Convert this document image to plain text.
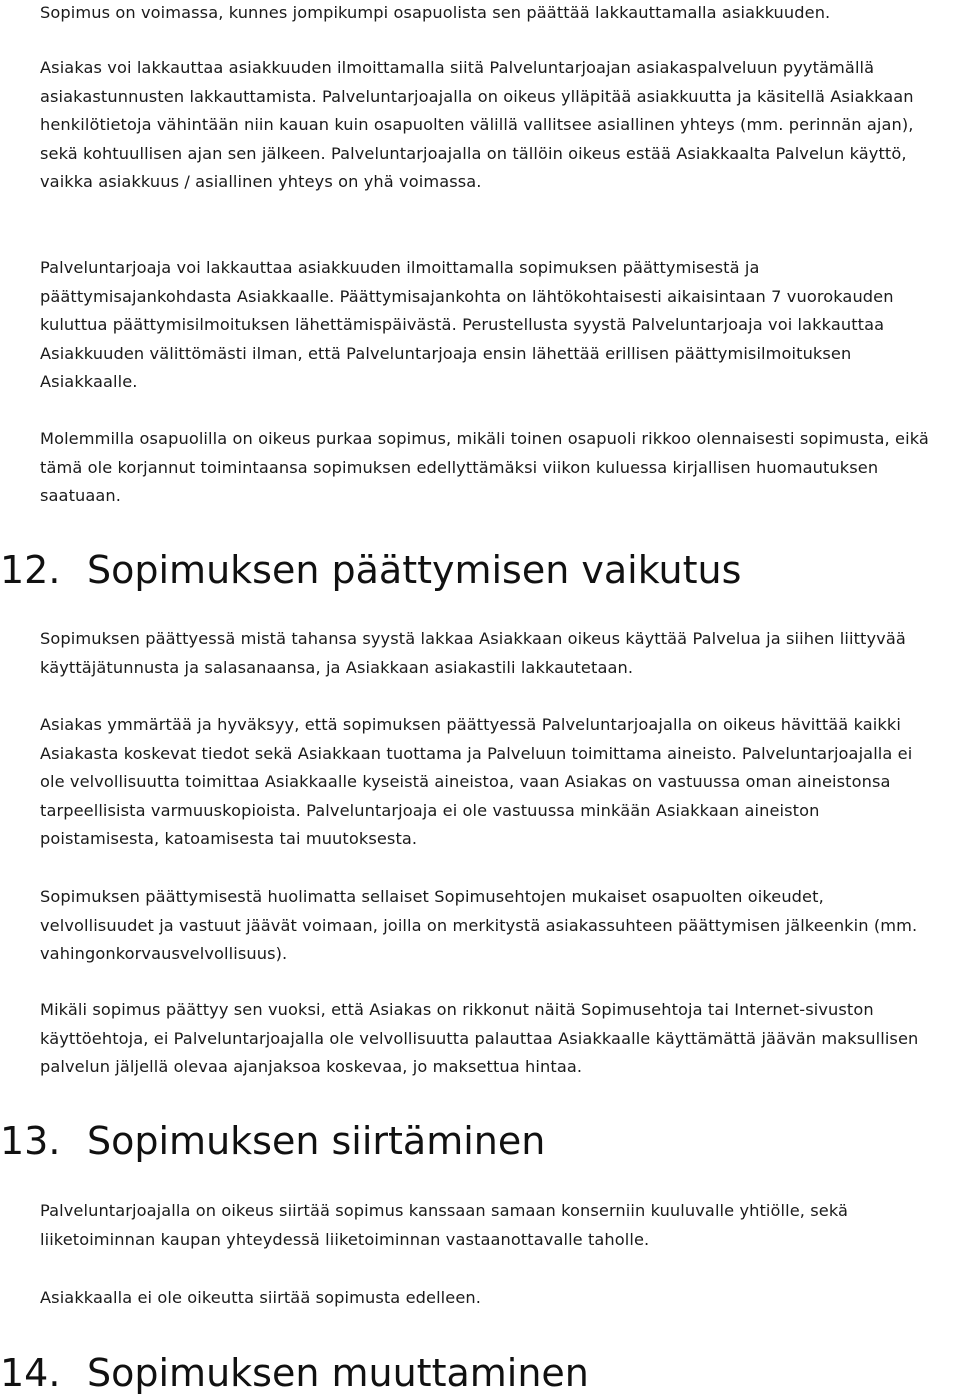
Sopimus on voimassa, kunnes jompikumpi osapuolista sen päättää lakkauttamalla asiakkuuden.

Asiakas voi lakkauttaa asiakkuuden ilmoittamalla siitä Palveluntarjoajan asiakaspalveluun pyytämällä asiakastunnusten lakkauttamista. Palveluntarjoajalla on oikeus ylläpitää asiakkuutta ja käsitellä Asiakkaan henkilötietoja vähintään niin kauan kuin osapuolten välillä vallitsee asiallinen yhteys (mm. perinnän ajan), sekä kohtuullisen ajan sen jälkeen. Palveluntarjoajalla on tällöin oikeus estää Asiakkaalta Palvelun käyttö, vaikka asiakkuus / asiallinen yhteys on yhä voimassa.

Palveluntarjoaja voi lakkauttaa asiakkuuden ilmoittamalla sopimuksen päättymisestä ja päättymisajankohdasta Asiakkaalle. Päättymisajankohta on lähtökohtaisesti aikaisintaan 7 vuorokauden kuluttua päättymisilmoituksen lähettämispäivästä. Perustellusta syystä Palveluntarjoaja voi lakkauttaa Asiakkuuden välittömästi ilman, että Palveluntarjoaja ensin lähettää erillisen päättymisilmoituksen Asiakkaalle.

Molemmilla osapuolilla on oikeus purkaa sopimus, mikäli toinen osapuoli rikkoo olennaisesti sopimusta, eikä tämä ole korjannut toimintaansa sopimuksen edellyttämäksi viikon kuluessa kirjallisen huomautuksen saatuaan.

12. Sopimuksen päättymisen vaikutus

Sopimuksen päättyessä mistä tahansa syystä lakkaa Asiakkaan oikeus käyttää Palvelua ja siihen liittyvää käyttäjätunnusta ja salasanaansa, ja Asiakkaan asiakastili lakkautetaan.

Asiakas ymmärtää ja hyväksyy, että sopimuksen päättyessä Palveluntarjoajalla on oikeus hävittää kaikki Asiakasta koskevat tiedot sekä Asiakkaan tuottama ja Palveluun toimittama aineisto. Palveluntarjoajalla ei ole velvollisuutta toimittaa Asiakkaalle kyseistä aineistoa, vaan Asiakas on vastuussa oman aineistonsa tarpeellisista varmuuskopioista. Palveluntarjoaja ei ole vastuussa minkään Asiakkaan aineiston poistamisesta, katoamisesta tai muutoksesta.

Sopimuksen päättymisestä huolimatta sellaiset Sopimusehtojen mukaiset osapuolten oikeudet, velvollisuudet ja vastuut jäävät voimaan, joilla on merkitystä asiakassuhteen päättymisen jälkeenkin (mm. vahingonkorvausvelvollisuus).

Mikäli sopimus päättyy sen vuoksi, että Asiakas on rikkonut näitä Sopimusehtoja tai Internet-sivuston käyttöehtoja, ei Palveluntarjoajalla ole velvollisuutta palauttaa Asiakkaalle käyttämättä jäävän maksullisen palvelun jäljellä olevaa ajanjaksoa koskevaa, jo maksettua hintaa.

13. Sopimuksen siirtäminen

Palveluntarjoajalla on oikeus siirtää sopimus kanssaan samaan konserniin kuuluvalle yhtiölle, sekä liiketoiminnan kaupan yhteydessä liiketoiminnan vastaanottavalle taholle.

Asiakkaalla ei ole oikeutta siirtää sopimusta edelleen.

14. Sopimuksen muuttaminen
